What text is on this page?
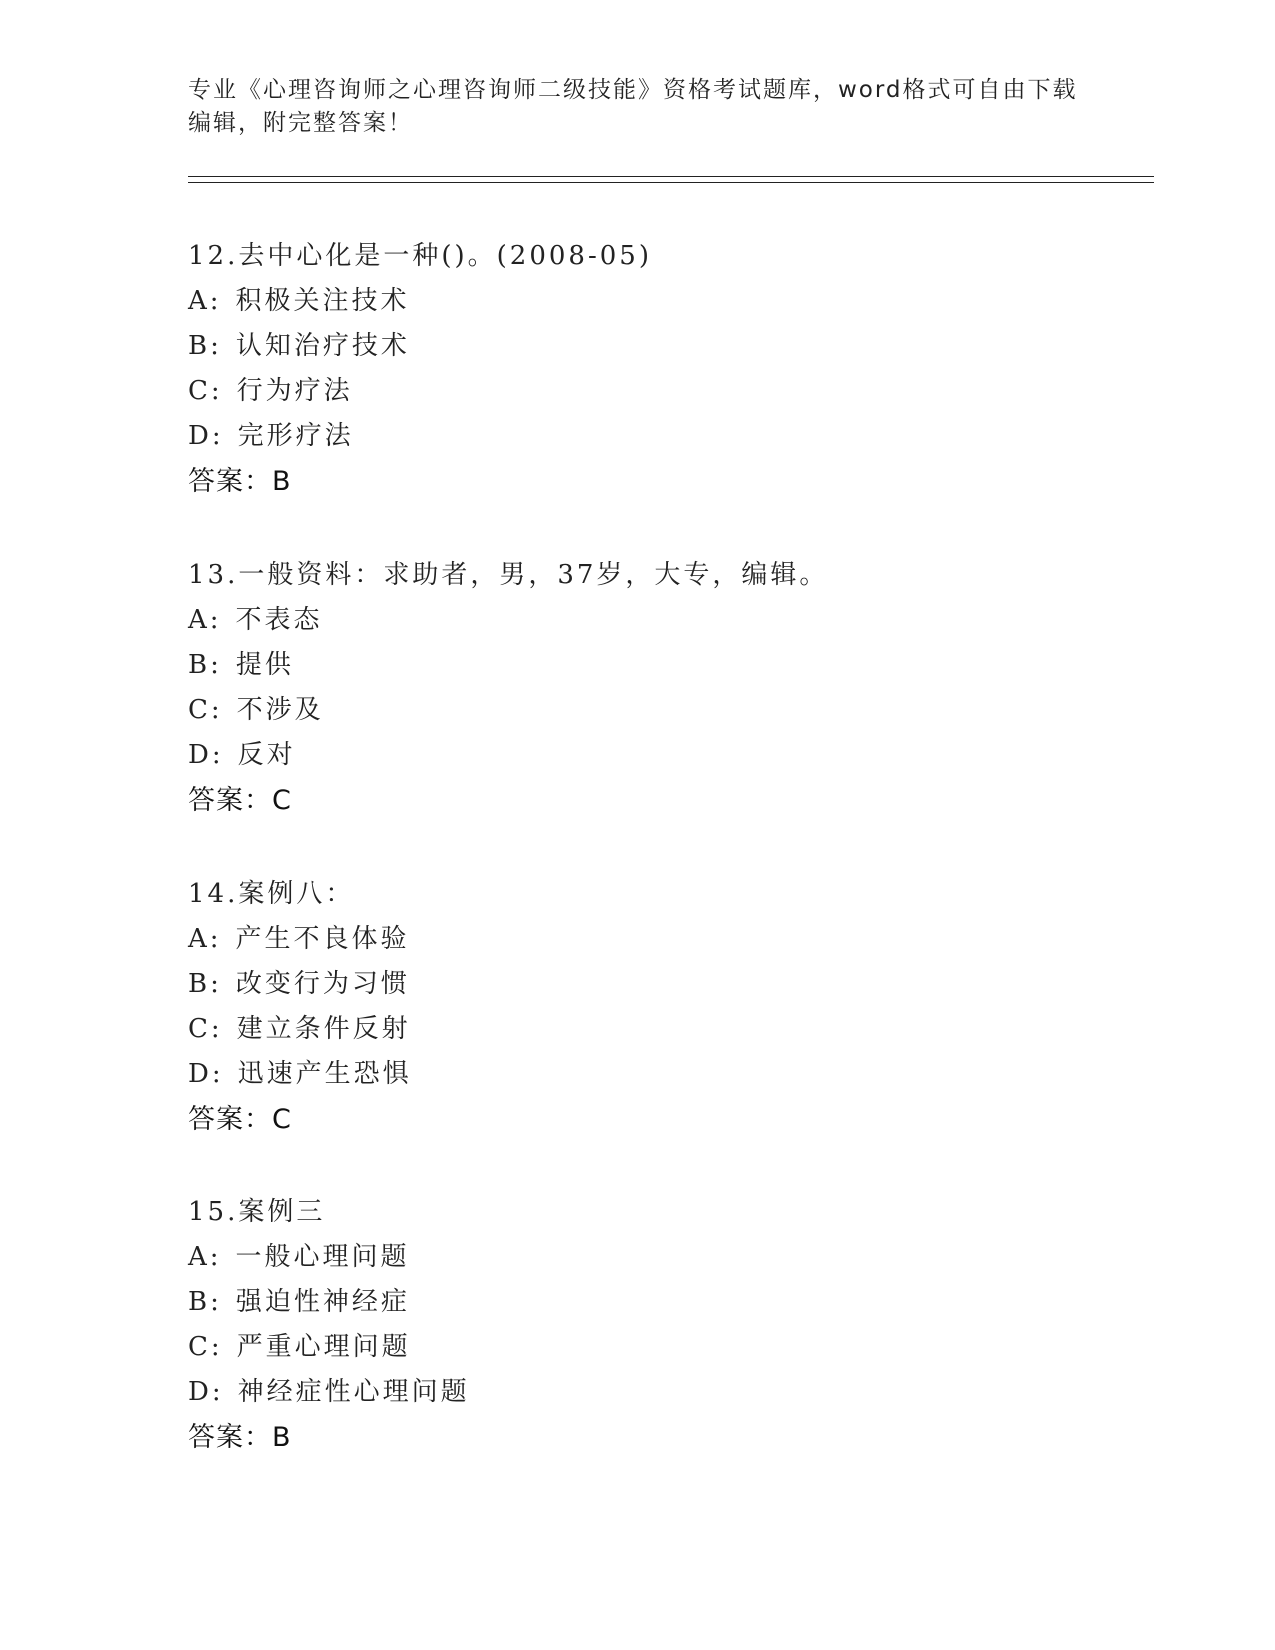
专业《心理咨询师之心理咨询师二级技能》资格考试题库，word格式可自由下载
编辑，附完整答案！
12.去中心化是一种()。(2008-05)
A: 积极关注技术
B: 认知治疗技术
C: 行为疗法
D: 完形疗法
答案：B
13.一般资料：求助者，男，37岁，大专，编辑。
A: 不表态
B: 提供
C: 不涉及
D: 反对
答案：C
14.案例八：
A: 产生不良体验
B: 改变行为习惯
C: 建立条件反射
D: 迅速产生恐惧
答案：C
15.案例三
A: 一般心理问题
B: 强迫性神经症
C: 严重心理问题
D: 神经症性心理问题
答案：B
